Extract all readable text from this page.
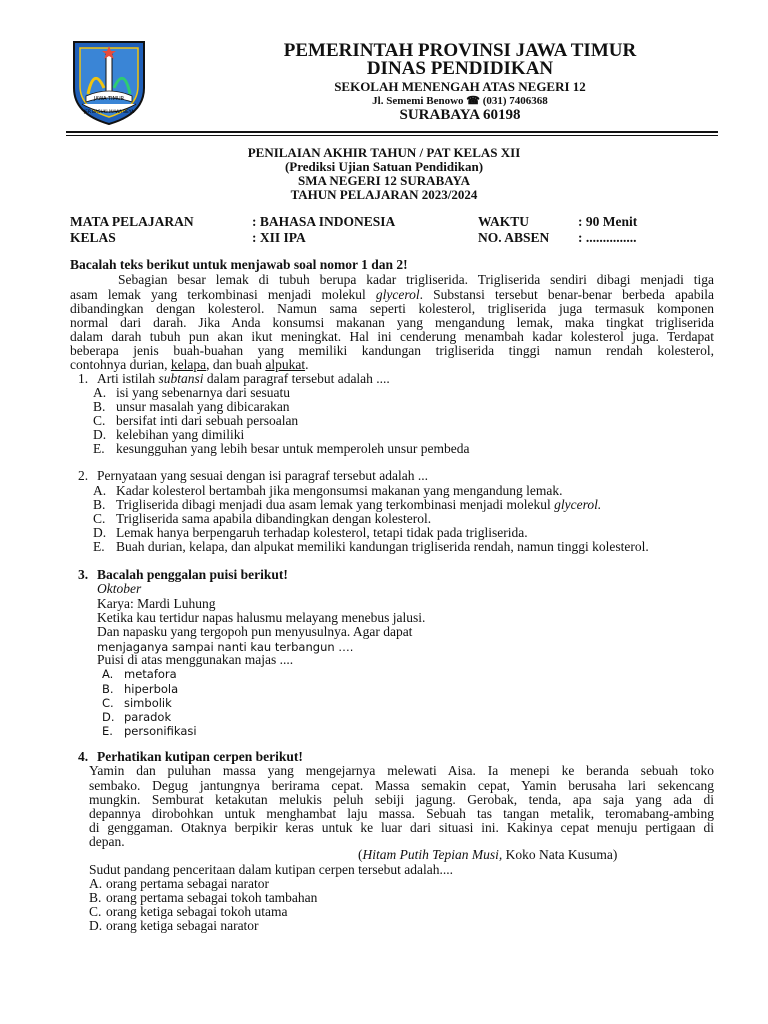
JAWA TIMUR
JER BASUKI MAWA BEYA
PEMERINTAH PROVINSI JAWA TIMUR
DINAS PENDIDIKAN
SEKOLAH MENENGAH ATAS NEGERI 12
Jl. Sememi Benowo ☎ (031) 7406368
SURABAYA 60198
PENILAIAN AKHIR TAHUN / PAT KELAS XII
(Prediksi Ujian Satuan Pendidikan)
SMA NEGERI 12 SURABAYA
TAHUN PELAJARAN 2023/2024
MATA PELAJARAN	: BAHASA INDONESIA	WAKTU	: 90 Menit
KELAS	: XII IPA	NO. ABSEN : ...............
Bacalah teks berikut untuk menjawab soal nomor 1 dan 2!
Sebagian besar lemak di tubuh berupa kadar trigliserida. Trigliserida sendiri dibagi menjadi tiga
asam lemak yang terkombinasi menjadi molekul glycerol. Substansi tersebut benar-benar berbeda apabila
dibandingkan dengan kolesterol. Namun sama seperti kolesterol, trigliserida juga termasuk komponen
normal dari darah. Jika Anda konsumsi makanan yang mengandung lemak, maka tingkat trigliserida
dalam darah tubuh pun akan ikut meningkat. Hal ini cenderung menambah kadar kolesterol juga. Terdapat
beberapa jenis buah-buahan yang memiliki kandungan trigliserida tinggi namun rendah kolesterol,
contohnya durian, kelapa, dan buah alpukat.
1. Arti istilah subtansi dalam paragraf tersebut adalah ....
A. isi yang sebenarnya dari sesuatu
B. unsur masalah yang dibicarakan
C. bersifat inti dari sebuah persoalan
D. kelebihan yang dimiliki
E. kesungguhan yang lebih besar untuk memperoleh unsur pembeda
2. Pernyataan yang sesuai dengan isi paragraf tersebut adalah ...
A. Kadar kolesterol bertambah jika mengonsumsi makanan yang mengandung lemak.
B. Trigliserida dibagi menjadi dua asam lemak yang terkombinasi menjadi molekul glycerol.
C. Trigliserida sama apabila dibandingkan dengan kolesterol.
D. Lemak hanya berpengaruh terhadap kolesterol, tetapi tidak pada trigliserida.
E. Buah durian, kelapa, dan alpukat memiliki kandungan trigliserida rendah, namun tinggi kolesterol.
3. Bacalah penggalan puisi berikut!
Oktober
Karya: Mardi Luhung
Ketika kau tertidur napas halusmu melayang menebus jalusi.
Dan napasku yang tergopoh pun menyusulnya. Agar dapat
menjaganya sampai nanti kau terbangun ….
Puisi di atas menggunakan majas ....
A. metafora
B. hiperbola
C. simbolik
D. paradok
E. personifikasi
4. Perhatikan kutipan cerpen berikut!
Yamin dan puluhan massa yang mengejarnya melewati Aisa. Ia menepi ke beranda sebuah toko
sembako. Degug jantungnya berirama cepat. Massa semakin cepat, Yamin berusaha lari sekencang
mungkin. Semburat ketakutan melukis peluh sebiji jagung. Gerobak, tenda, apa saja yang ada di
depannya dirobohkan untuk menghambat laju massa. Sebuah tas tangan metalik, teromabang-ambing
di genggaman. Otaknya berpikir keras untuk ke luar dari situasi ini. Kakinya cepat menuju pertigaan di
depan.
(Hitam Putih Tepian Musi, Koko Nata Kusuma)
Sudut pandang penceritaan dalam kutipan cerpen tersebut adalah....
A. orang pertama sebagai narator
B. orang pertama sebagai tokoh tambahan
C. orang ketiga sebagai tokoh utama
D. orang ketiga sebagai narator
